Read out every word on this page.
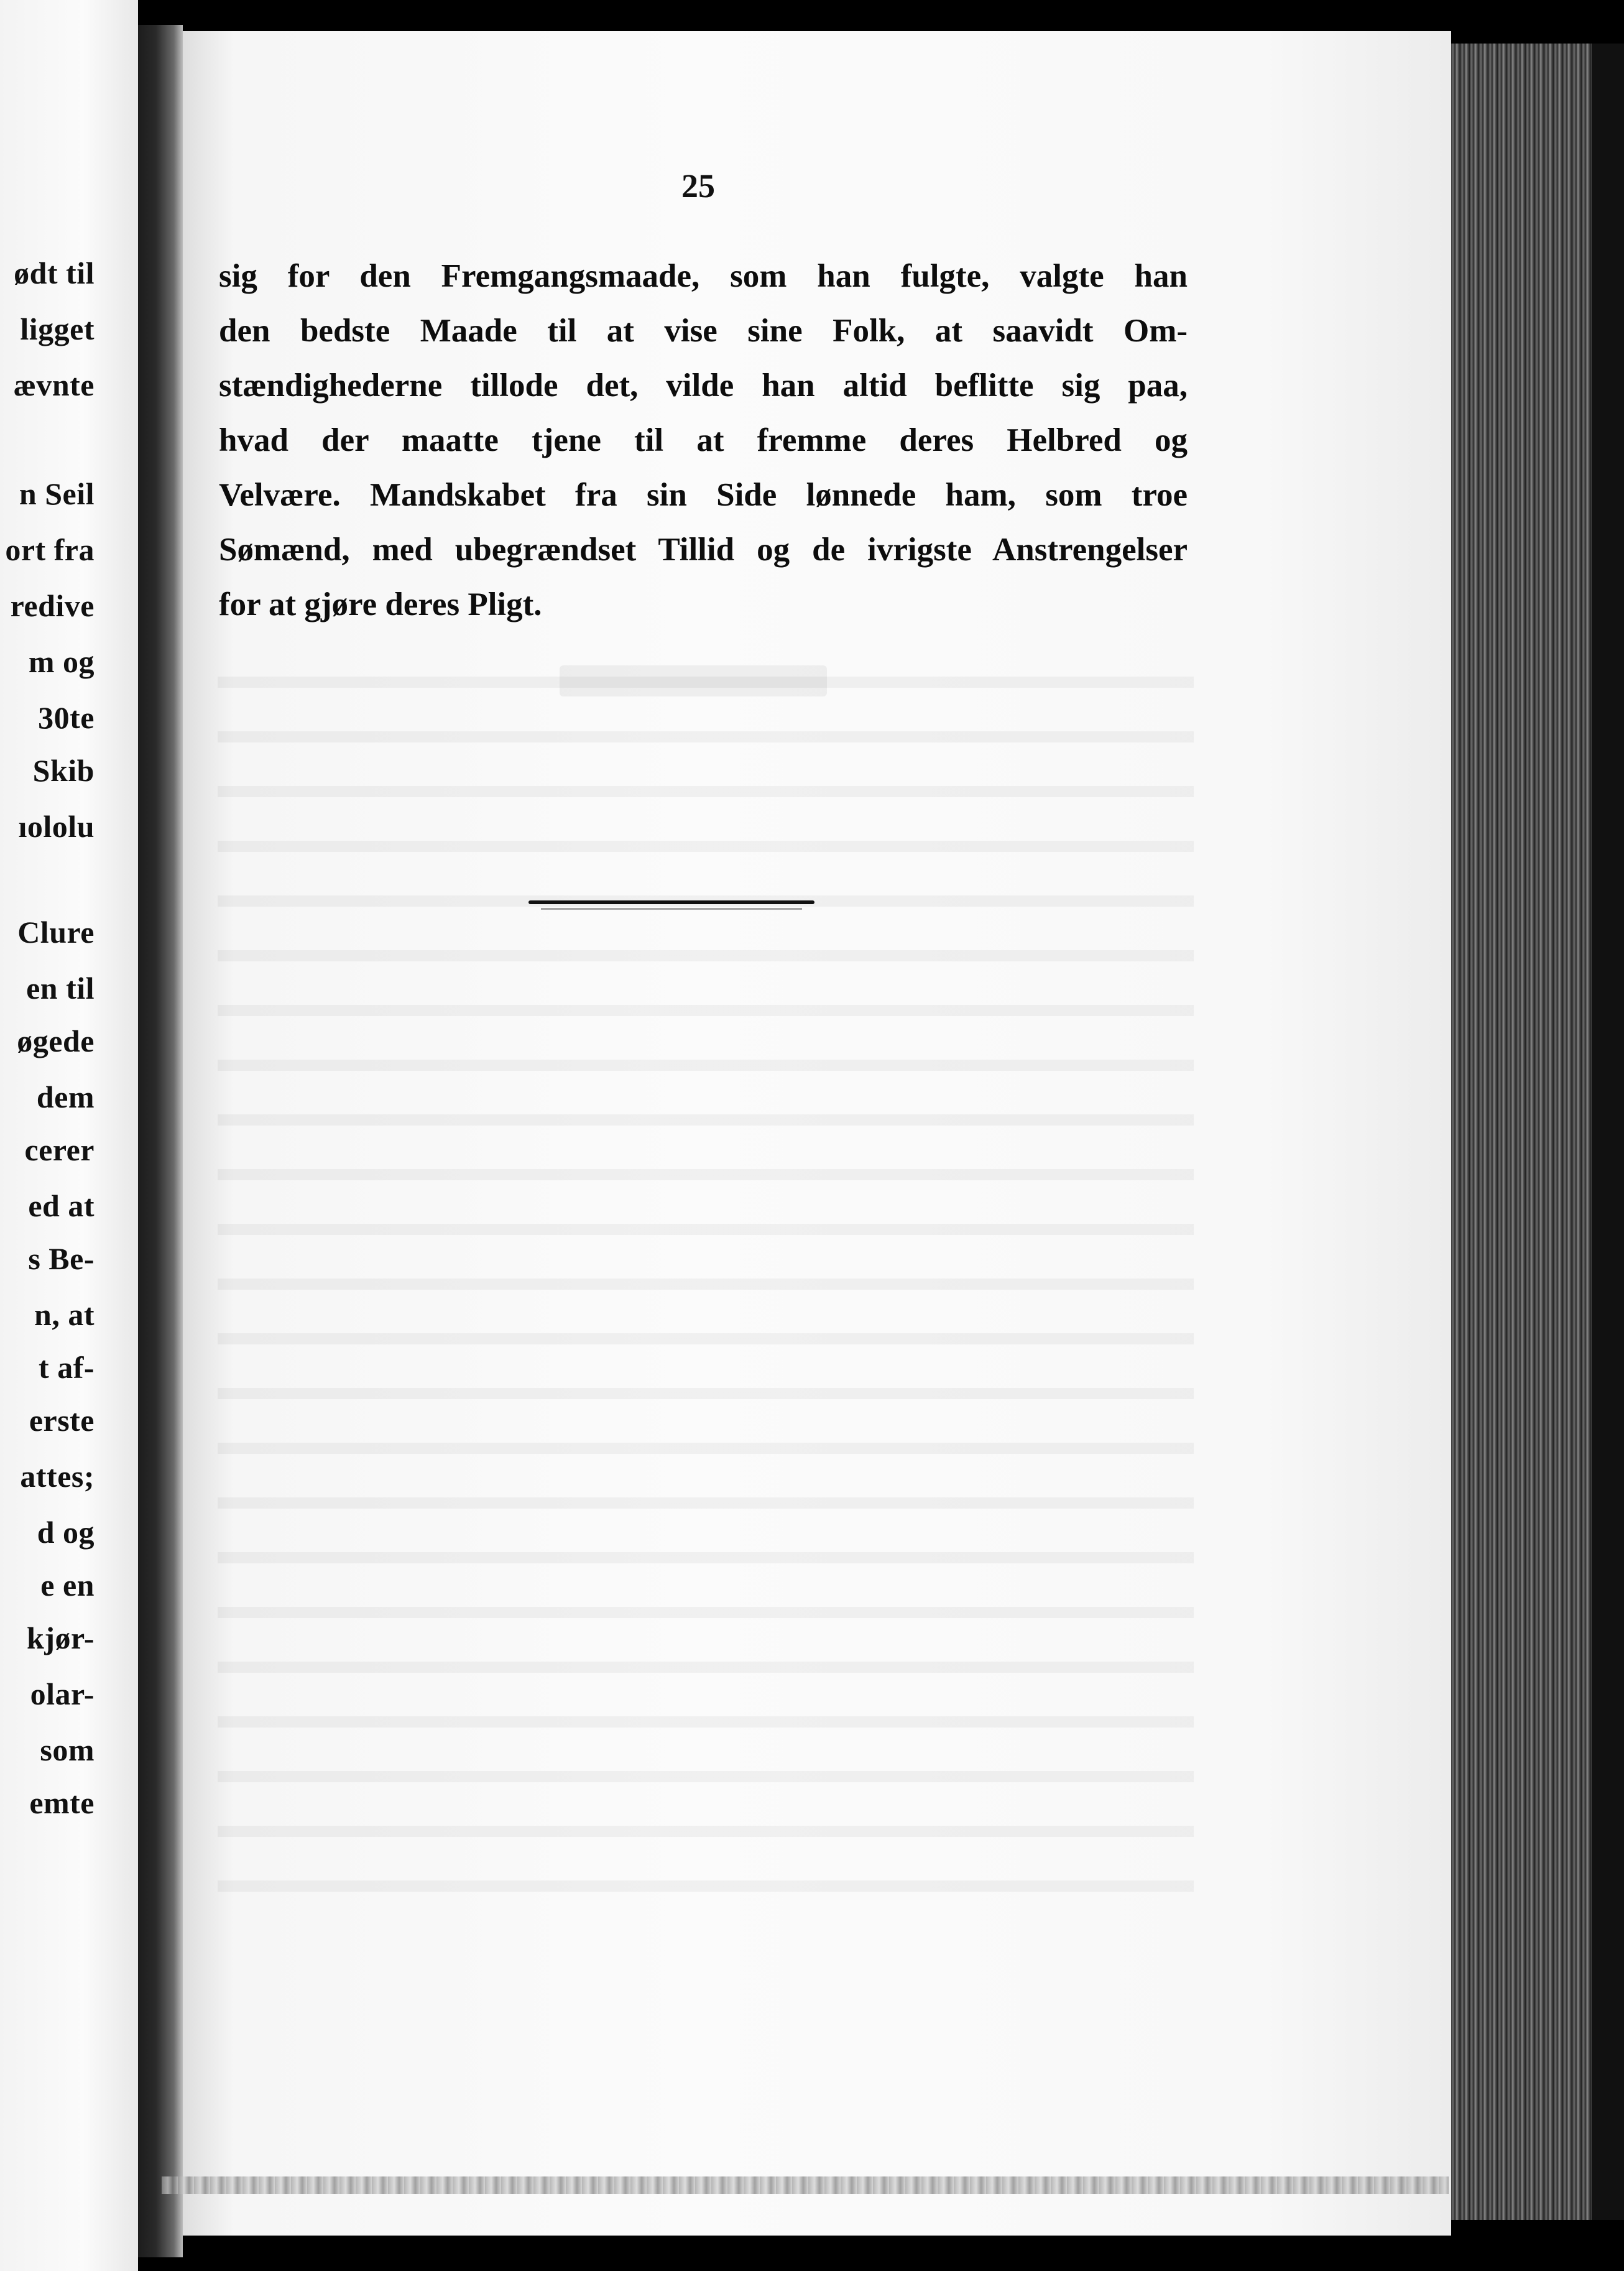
ødt til
ligget
ævnte
n Seil
ort fra
redive
m og
30te
Skib
ıololu
Clure
en til
øgede
dem
cerer
ed at
s Be-
n, at
t af-
erste
attes;
d og
e en
kjør-
olar-
som
emte
25
sig for den Fremgangsmaade, som han fulgte, valgte han
den bedste Maade til at vise sine Folk, at saavidt Om-
stændighederne tillode det, vilde han altid beflitte sig paa,
hvad der maatte tjene til at fremme deres Helbred og
Velvære. Mandskabet fra sin Side lønnede ham, som troe
Sømænd, med ubegrændset Tillid og de ivrigste Anstrengelser
for at gjøre deres Pligt.
